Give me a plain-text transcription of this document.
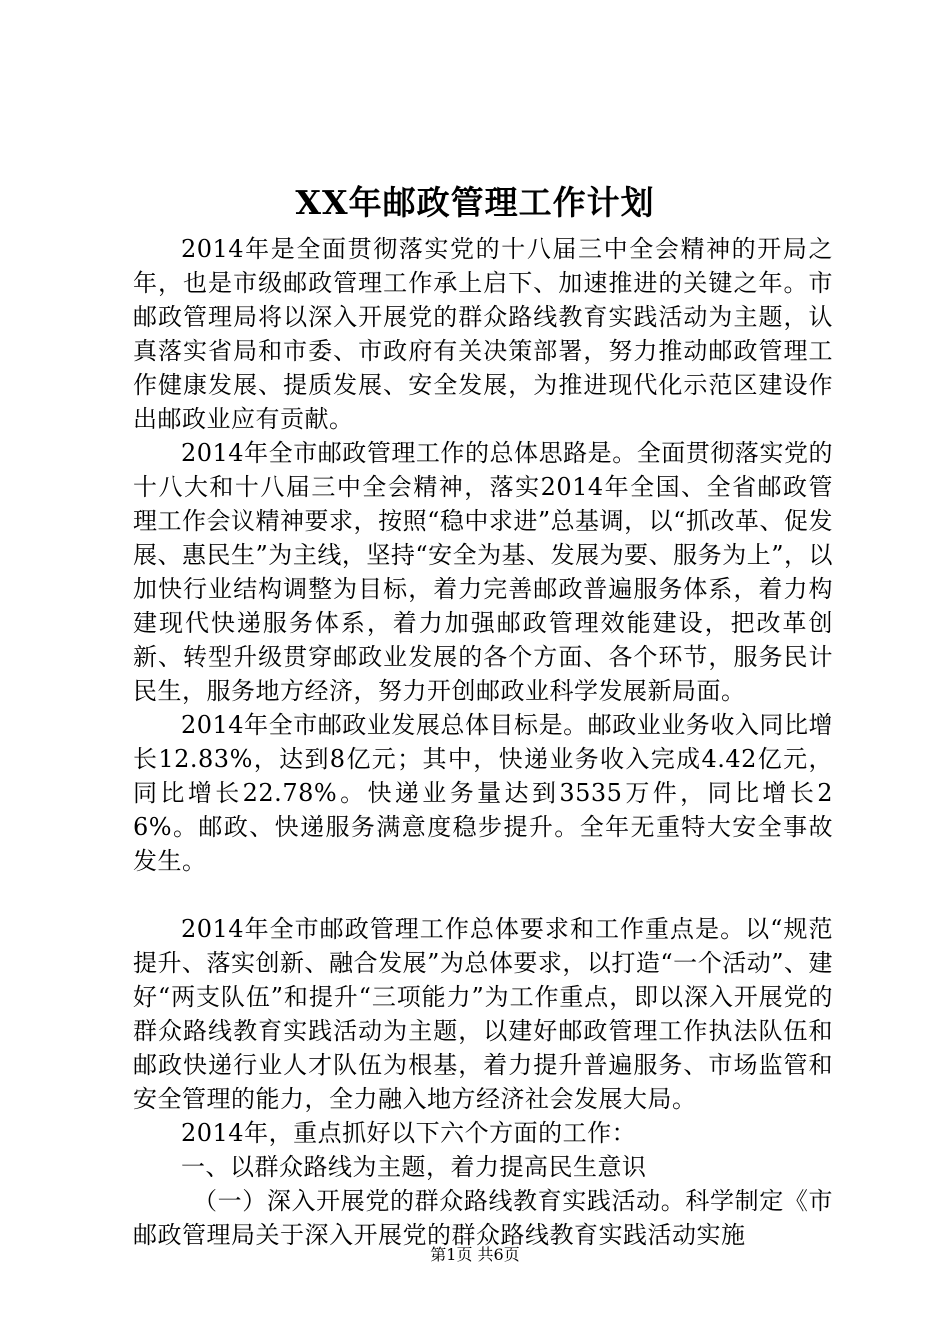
XX年邮政管理工作计划

2014年是全面贯彻落实党的十八届三中全会精神的开局之年，也是市级邮政管理工作承上启下、加速推进的关键之年。市邮政管理局将以深入开展党的群众路线教育实践活动为主题，认真落实省局和市委、市政府有关决策部署，努力推动邮政管理工作健康发展、提质发展、安全发展，为推进现代化示范区建设作出邮政业应有贡献。

2014年全市邮政管理工作的总体思路是。全面贯彻落实党的十八大和十八届三中全会精神，落实2014年全国、全省邮政管理工作会议精神要求，按照“稳中求进”总基调，以“抓改革、促发展、惠民生”为主线，坚持“安全为基、发展为要、服务为上”，以加快行业结构调整为目标，着力完善邮政普遍服务体系，着力构建现代快递服务体系，着力加强邮政管理效能建设，把改革创新、转型升级贯穿邮政业发展的各个方面、各个环节，服务民计民生，服务地方经济，努力开创邮政业科学发展新局面。

2014年全市邮政业发展总体目标是。邮政业业务收入同比增长12.83%，达到8亿元；其中，快递业务收入完成4.42亿元，同比增长22.78%。快递业务量达到3535万件，同比增长26%。邮政、快递服务满意度稳步提升。全年无重特大安全事故发生。

2014年全市邮政管理工作总体要求和工作重点是。以“规范提升、落实创新、融合发展”为总体要求，以打造“一个活动”、建好“两支队伍”和提升“三项能力”为工作重点，即以深入开展党的群众路线教育实践活动为主题，以建好邮政管理工作执法队伍和邮政快递行业人才队伍为根基，着力提升普遍服务、市场监管和安全管理的能力，全力融入地方经济社会发展大局。

2014年，重点抓好以下六个方面的工作：

一、以群众路线为主题，着力提高民生意识

（一）深入开展党的群众路线教育实践活动。科学制定《市邮政管理局关于深入开展党的群众路线教育实践活动实施

第1页 共6页
